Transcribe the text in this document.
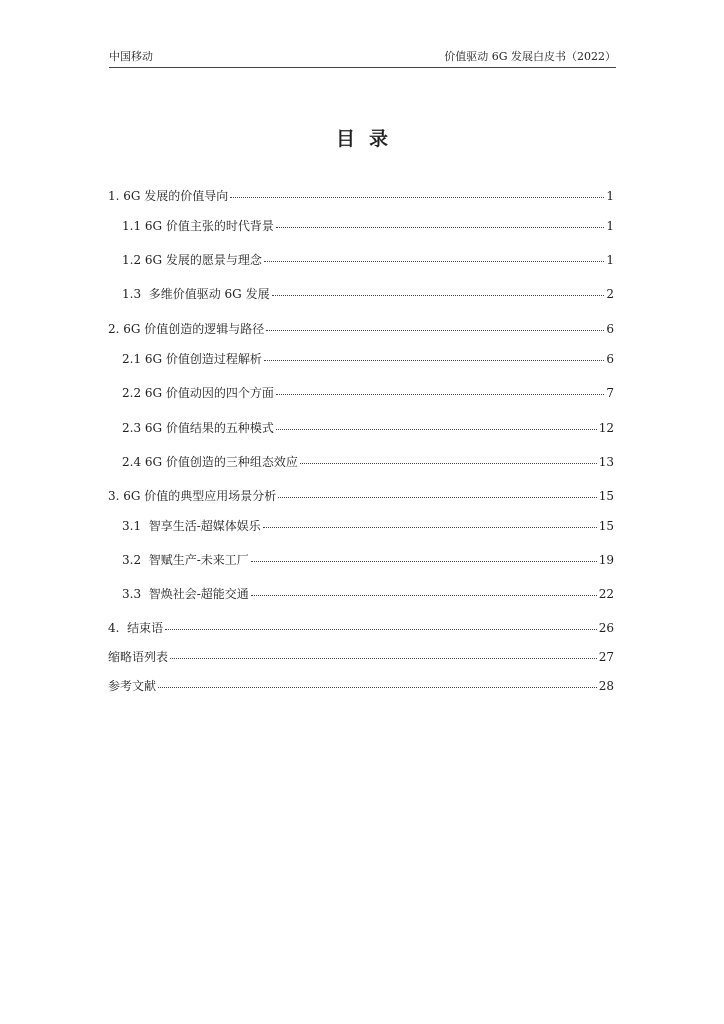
中国移动	价值驱动 6G 发展白皮书（2022）
目录
1. 6G 发展的价值导向	1
1.1 6G 价值主张的时代背景	1
1.2 6G 发展的愿景与理念	1
1.3  多维价值驱动 6G 发展	2
2. 6G 价值创造的逻辑与路径	6
2.1 6G 价值创造过程解析	6
2.2 6G 价值动因的四个方面	7
2.3 6G 价值结果的五种模式	12
2.4 6G 价值创造的三种组态效应	13
3. 6G 价值的典型应用场景分析	15
3.1  智享生活-超媒体娱乐	15
3.2  智赋生产-未来工厂	19
3.3  智焕社会-超能交通	22
4.  结束语	26
缩略语列表	27
参考文献	28
